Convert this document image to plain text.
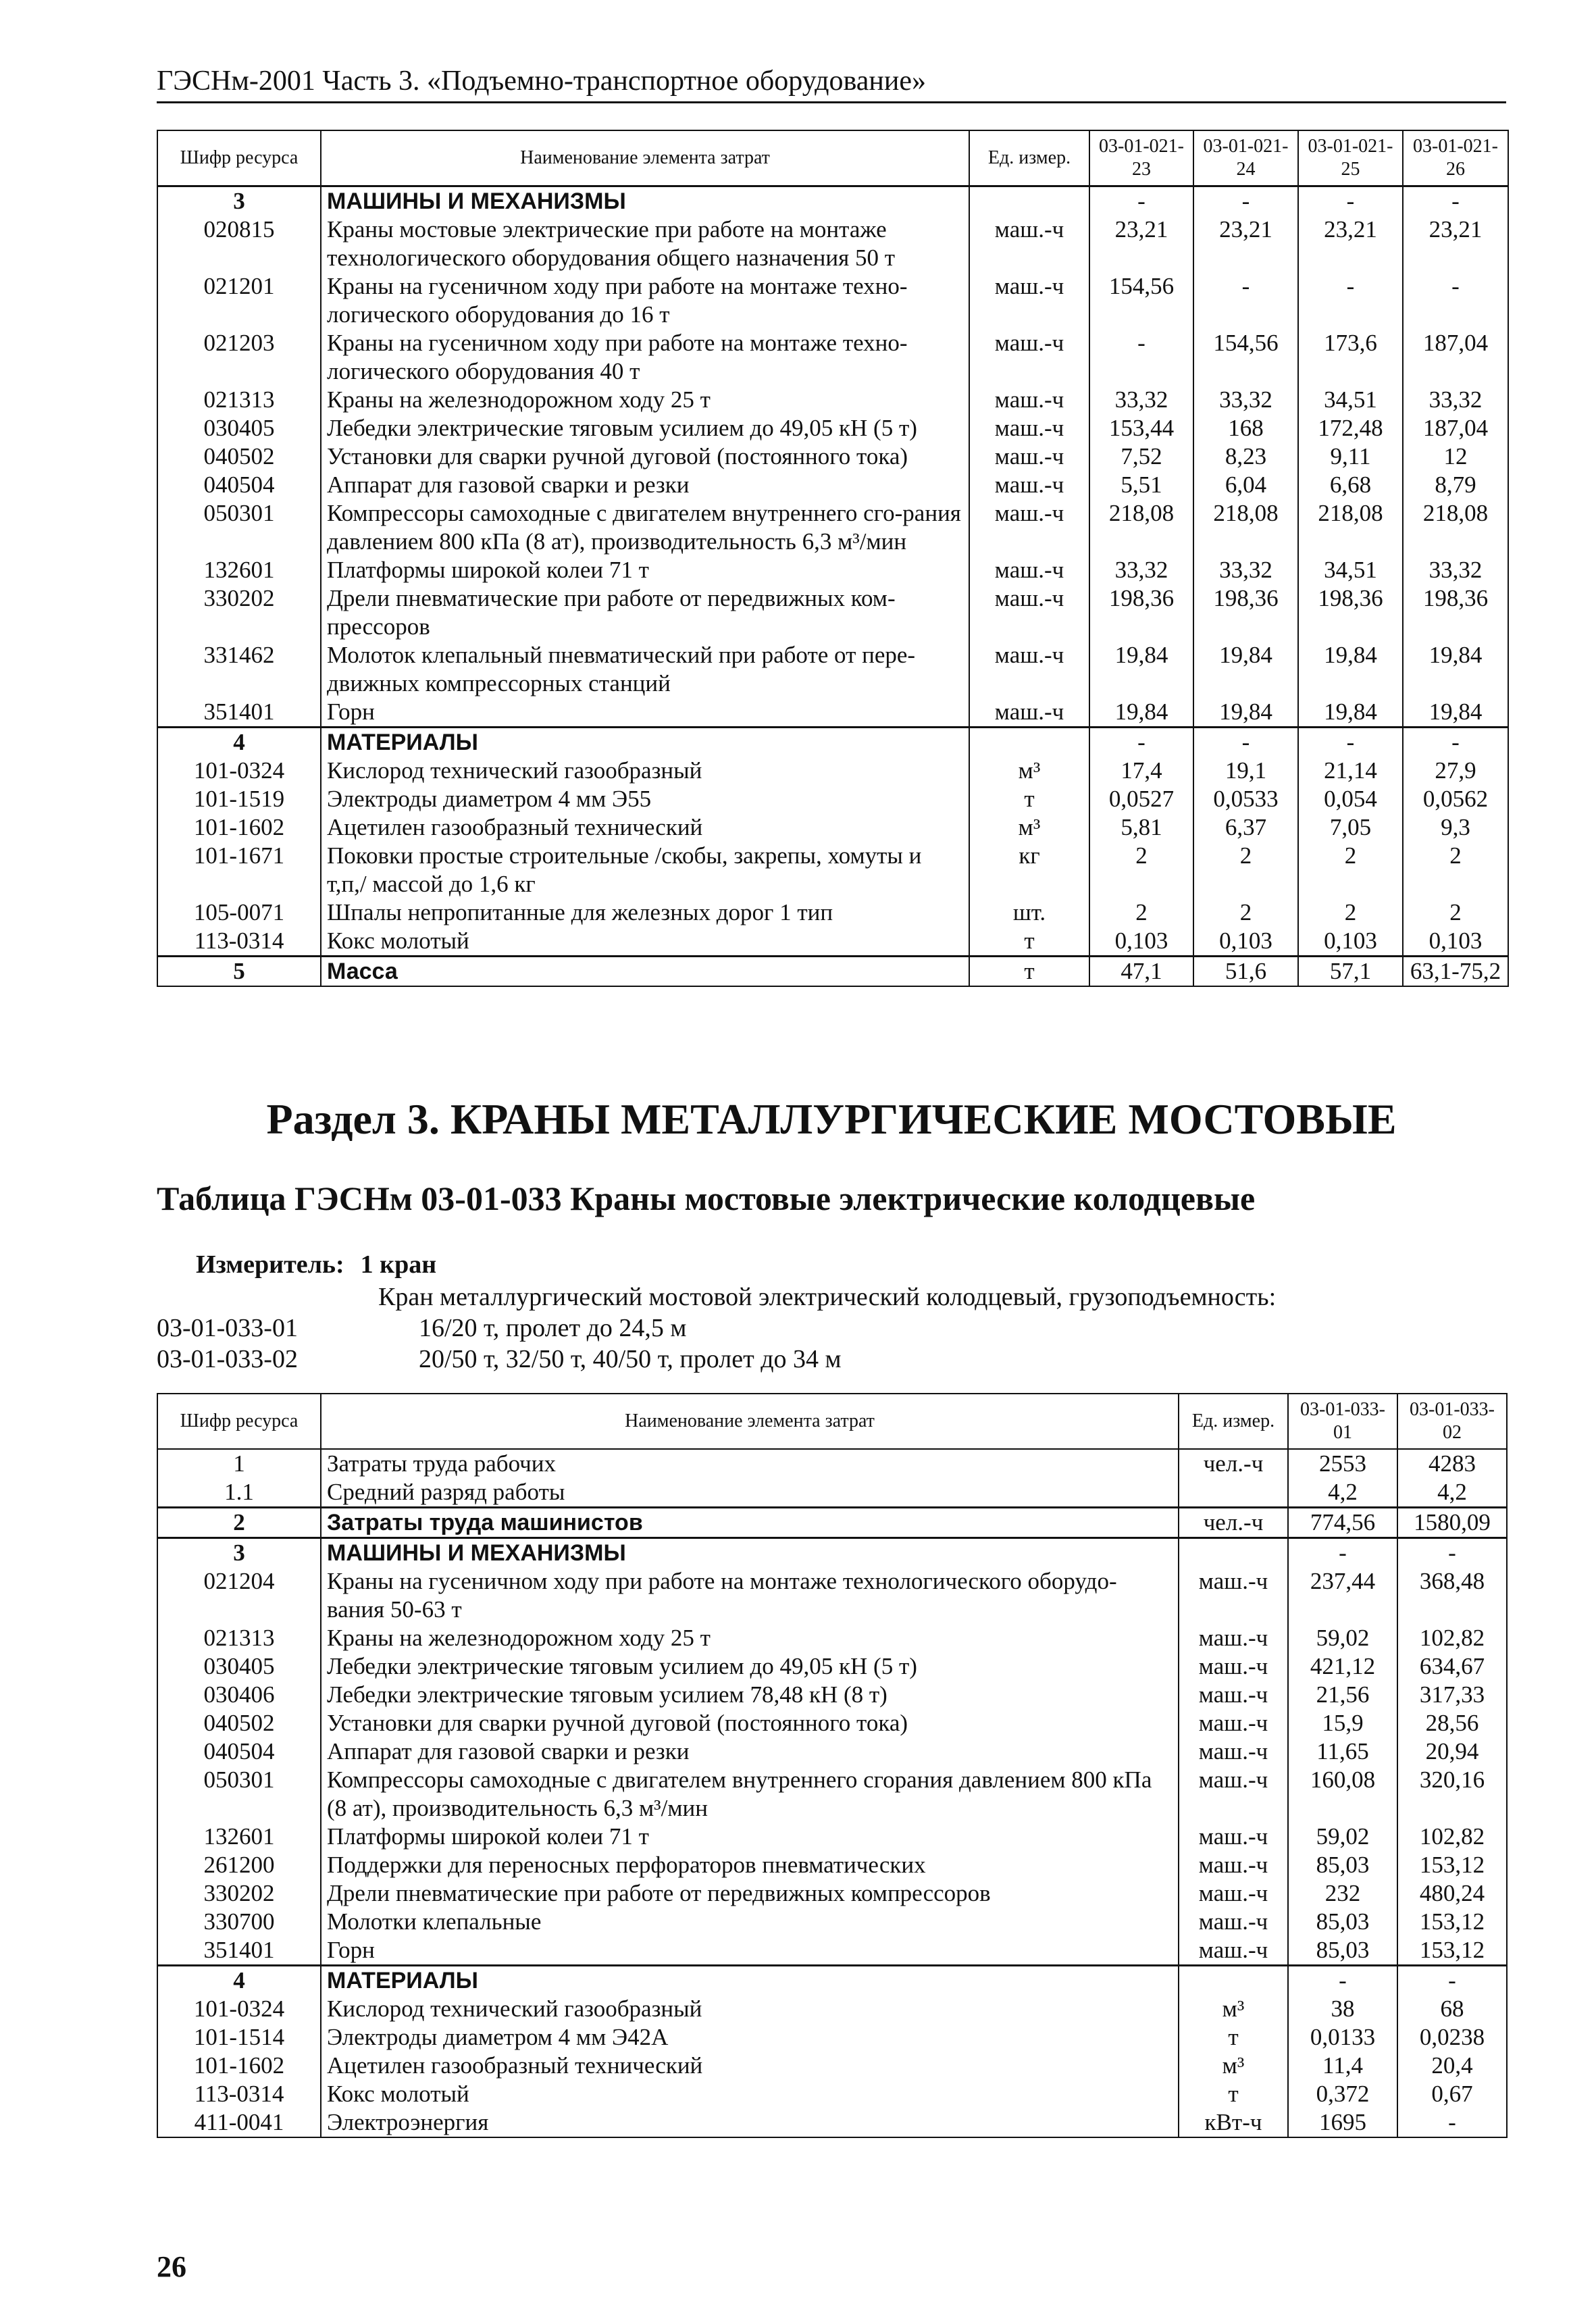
ГЭСНм-2001 Часть 3. «Подъемно-транспортное оборудование»
Шифр ресурса	Наименование элемента затрат	Ед. измер.	03-01-021-23	03-01-021-24	03-01-021-25	03-01-021-26
3	МАШИНЫ И МЕХАНИЗМЫ		-	-	-	-
020815	Краны мостовые электрические при работе на монтаже технологического оборудования общего назначения 50 т	маш.-ч	23,21	23,21	23,21	23,21
021201	Краны на гусеничном ходу при работе на монтаже техно-логического оборудования до 16 т	маш.-ч	154,56	-	-	-
021203	Краны на гусеничном ходу при работе на монтаже техно-логического оборудования 40 т	маш.-ч	-	154,56	173,6	187,04
021313	Краны на железнодорожном ходу 25 т	маш.-ч	33,32	33,32	34,51	33,32
030405	Лебедки электрические тяговым усилием до 49,05 кН (5 т)	маш.-ч	153,44	168	172,48	187,04
040502	Установки для сварки ручной дуговой (постоянного тока)	маш.-ч	7,52	8,23	9,11	12
040504	Аппарат для газовой сварки и резки	маш.-ч	5,51	6,04	6,68	8,79
050301	Компрессоры самоходные с двигателем внутреннего сго-рания давлением 800 кПа (8 ат), производительность 6,3 м³/мин	маш.-ч	218,08	218,08	218,08	218,08
132601	Платформы широкой колеи 71 т	маш.-ч	33,32	33,32	34,51	33,32
330202	Дрели пневматические при работе от передвижных ком-прессоров	маш.-ч	198,36	198,36	198,36	198,36
331462	Молоток клепальный пневматический при работе от пере-движных компрессорных станций	маш.-ч	19,84	19,84	19,84	19,84
351401	Горн	маш.-ч	19,84	19,84	19,84	19,84
4	МАТЕРИАЛЫ		-	-	-	-
101-0324	Кислород технический газообразный	м³	17,4	19,1	21,14	27,9
101-1519	Электроды диаметром 4 мм Э55	т	0,0527	0,0533	0,054	0,0562
101-1602	Ацетилен газообразный технический	м³	5,81	6,37	7,05	9,3
101-1671	Поковки простые строительные /скобы, закрепы, хомуты и т,п,/ массой до 1,6 кг	кг	2	2	2	2
105-0071	Шпалы непропитанные для железных дорог 1 тип	шт.	2	2	2	2
113-0314	Кокс молотый	т	0,103	0,103	0,103	0,103
5	Масса	т	47,1	51,6	57,1	63,1-75,2
Раздел 3. КРАНЫ МЕТАЛЛУРГИЧЕСКИЕ МОСТОВЫЕ
Таблица ГЭСНм 03-01-033 Краны мостовые электрические колодцевые
Измеритель: 1 кран
Кран металлургический мостовой электрический колодцевый, грузоподъемность:
03-01-033-01	16/20 т, пролет до 24,5 м
03-01-033-02	20/50 т, 32/50 т, 40/50 т, пролет до 34 м
Шифр ресурса	Наименование элемента затрат	Ед. измер.	03-01-033-01	03-01-033-02
1	Затраты труда рабочих	чел.-ч	2553	4283
1.1	Средний разряд работы		4,2	4,2
2	Затраты труда машинистов	чел.-ч	774,56	1580,09
3	МАШИНЫ И МЕХАНИЗМЫ		-	-
021204	Краны на гусеничном ходу при работе на монтаже технологического оборудо-вания 50-63 т	маш.-ч	237,44	368,48
021313	Краны на железнодорожном ходу 25 т	маш.-ч	59,02	102,82
030405	Лебедки электрические тяговым усилием до 49,05 кН (5 т)	маш.-ч	421,12	634,67
030406	Лебедки электрические тяговым усилием 78,48 кН (8 т)	маш.-ч	21,56	317,33
040502	Установки для сварки ручной дуговой (постоянного тока)	маш.-ч	15,9	28,56
040504	Аппарат для газовой сварки и резки	маш.-ч	11,65	20,94
050301	Компрессоры самоходные с двигателем внутреннего сгорания давлением 800 кПа (8 ат), производительность 6,3 м³/мин	маш.-ч	160,08	320,16
132601	Платформы широкой колеи 71 т	маш.-ч	59,02	102,82
261200	Поддержки для переносных перфораторов пневматических	маш.-ч	85,03	153,12
330202	Дрели пневматические при работе от передвижных компрессоров	маш.-ч	232	480,24
330700	Молотки клепальные	маш.-ч	85,03	153,12
351401	Горн	маш.-ч	85,03	153,12
4	МАТЕРИАЛЫ		-	-
101-0324	Кислород технический газообразный	м³	38	68
101-1514	Электроды диаметром 4 мм Э42А	т	0,0133	0,0238
101-1602	Ацетилен газообразный технический	м³	11,4	20,4
113-0314	Кокс молотый	т	0,372	0,67
411-0041	Электроэнергия	кВт-ч	1695	-
26
